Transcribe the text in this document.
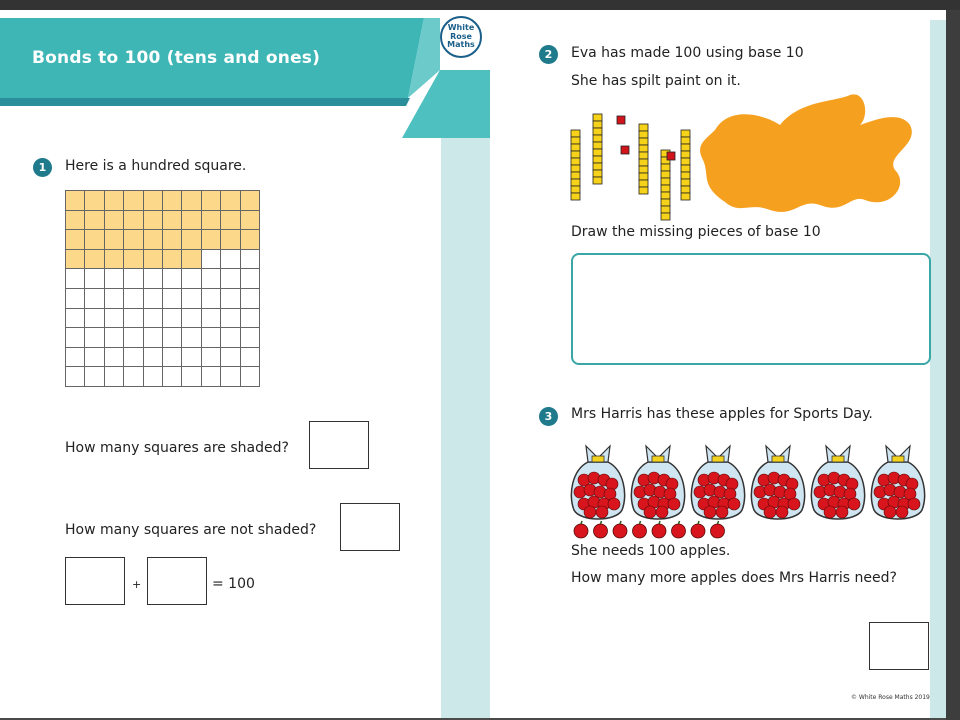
Bonds to 100 (tens and ones)
White
Rose
Maths
1	Here is a hundred square.
How many squares are shaded?
How many squares are not shaded?
+	= 100
2	Eva has made 100 using base 10
She has spilt paint on it.
Draw the missing pieces of base 10
3	Mrs Harris has these apples for Sports Day.
She needs 100 apples.
How many more apples does Mrs Harris need?
© White Rose Maths 2019
